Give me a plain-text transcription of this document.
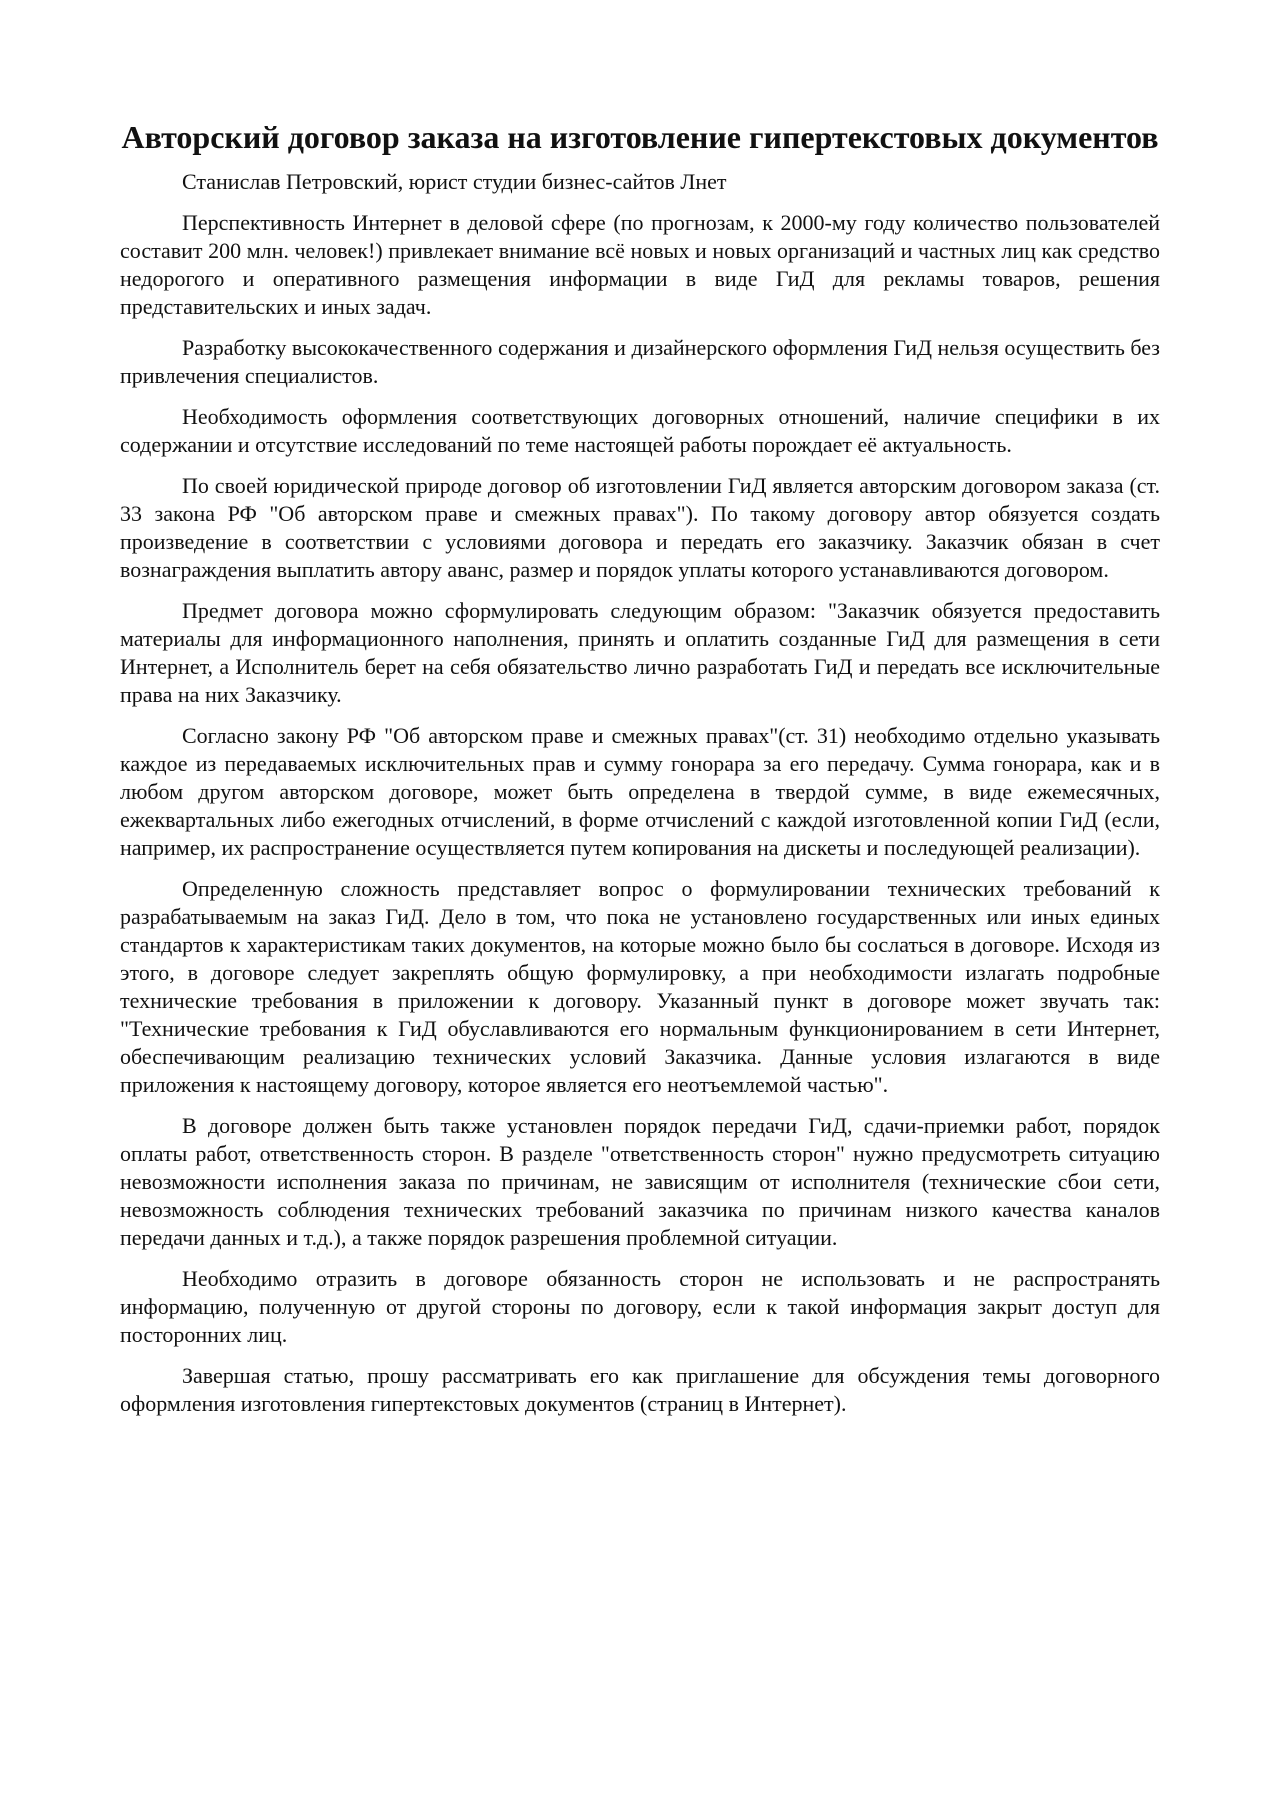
Авторский договор заказа на изготовление гипертекстовых документов

Станислав Петровский, юрист студии бизнес-сайтов Лнет

Перспективность Интернет в деловой сфере (по прогнозам, к 2000-му году количество пользователей составит 200 млн. человек!) привлекает внимание всё новых и новых организаций и частных лиц как средство недорогого и оперативного размещения информации в виде ГиД для рекламы товаров, решения представительских и иных задач.

Разработку высококачественного содержания и дизайнерского оформления ГиД нельзя осуществить без привлечения специалистов.

Необходимость оформления соответствующих договорных отношений, наличие специфики в их содержании и отсутствие исследований по теме настоящей работы порождает её актуальность.

По своей юридической природе договор об изготовлении ГиД является авторским договором заказа (ст. 33 закона РФ "Об авторском праве и смежных правах"). По такому договору автор обязуется создать произведение в соответствии с условиями договора и передать его заказчику. Заказчик обязан в счет вознаграждения выплатить автору аванс, размер и порядок уплаты которого устанавливаются договором.

Предмет договора можно сформулировать следующим образом: "Заказчик обязуется предоставить материалы для информационного наполнения, принять и оплатить созданные ГиД для размещения в сети Интернет, а Исполнитель берет на себя обязательство лично разработать ГиД и передать все исключительные права на них Заказчику.

Согласно закону РФ "Об авторском праве и смежных правах"(ст. 31) необходимо отдельно указывать каждое из передаваемых исключительных прав и сумму гонорара за его передачу. Сумма гонорара, как и в любом другом авторском договоре, может быть определена в твердой сумме, в виде ежемесячных, ежеквартальных либо ежегодных отчислений, в форме отчислений с каждой изготовленной копии ГиД (если, например, их распространение осуществляется путем копирования на дискеты и последующей реализации).

Определенную сложность представляет вопрос о формулировании технических требований к разрабатываемым на заказ ГиД. Дело в том, что пока не установлено государственных или иных единых стандартов к характеристикам таких документов, на которые можно было бы сослаться в договоре. Исходя из этого, в договоре следует закреплять общую формулировку, а при необходимости излагать подробные технические требования в приложении к договору. Указанный пункт в договоре может звучать так: "Технические требования к ГиД обуславливаются его нормальным функционированием в сети Интернет, обеспечивающим реализацию технических условий Заказчика. Данные условия излагаются в виде приложения к настоящему договору, которое является его неотъемлемой частью".

В договоре должен быть также установлен порядок передачи ГиД, сдачи-приемки работ, порядок оплаты работ, ответственность сторон. В разделе "ответственность сторон" нужно предусмотреть ситуацию невозможности исполнения заказа по причинам, не зависящим от исполнителя (технические сбои сети, невозможность соблюдения технических требований заказчика по причинам низкого качества каналов передачи данных и т.д.), а также порядок разрешения проблемной ситуации.

Необходимо отразить в договоре обязанность сторон не использовать и не распространять информацию, полученную от другой стороны по договору, если к такой информация закрыт доступ для посторонних лиц.

Завершая статью, прошу рассматривать его как приглашение для обсуждения темы договорного оформления изготовления гипертекстовых документов (страниц в Интернет).
